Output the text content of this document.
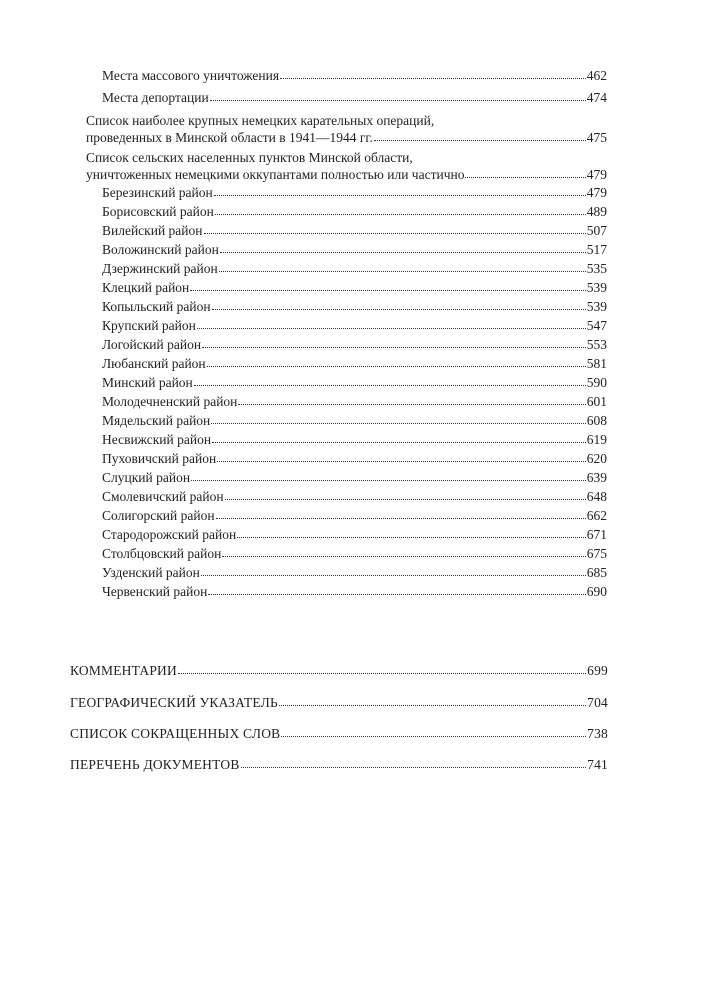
Места массового уничтожения	462
Места депортации	474
Список наиболее крупных немецких карательных операций,
проведенных в Минской области в 1941—1944 гг.	475
Список сельских населенных пунктов Минской области,
уничтоженных немецкими оккупантами полностью или частично	479
Березинский район	479
Борисовский район	489
Вилейский район	507
Воложинский район	517
Дзержинский район	535
Клецкий район	539
Копыльский район	539
Крупский район	547
Логойский район	553
Любанский район	581
Минский район	590
Молодечненский район	601
Мядельский район	608
Несвижский район	619
Пуховичский район	620
Слуцкий район	639
Смолевичский район	648
Солигорский район	662
Стародорожский район	671
Столбцовский район	675
Узденский район	685
Червенский район	690
КОММЕНТАРИИ	699
ГЕОГРАФИЧЕСКИЙ УКАЗАТЕЛЬ	704
СПИСОК СОКРАЩЕННЫХ СЛОВ	738
ПЕРЕЧЕНЬ ДОКУМЕНТОВ	741
